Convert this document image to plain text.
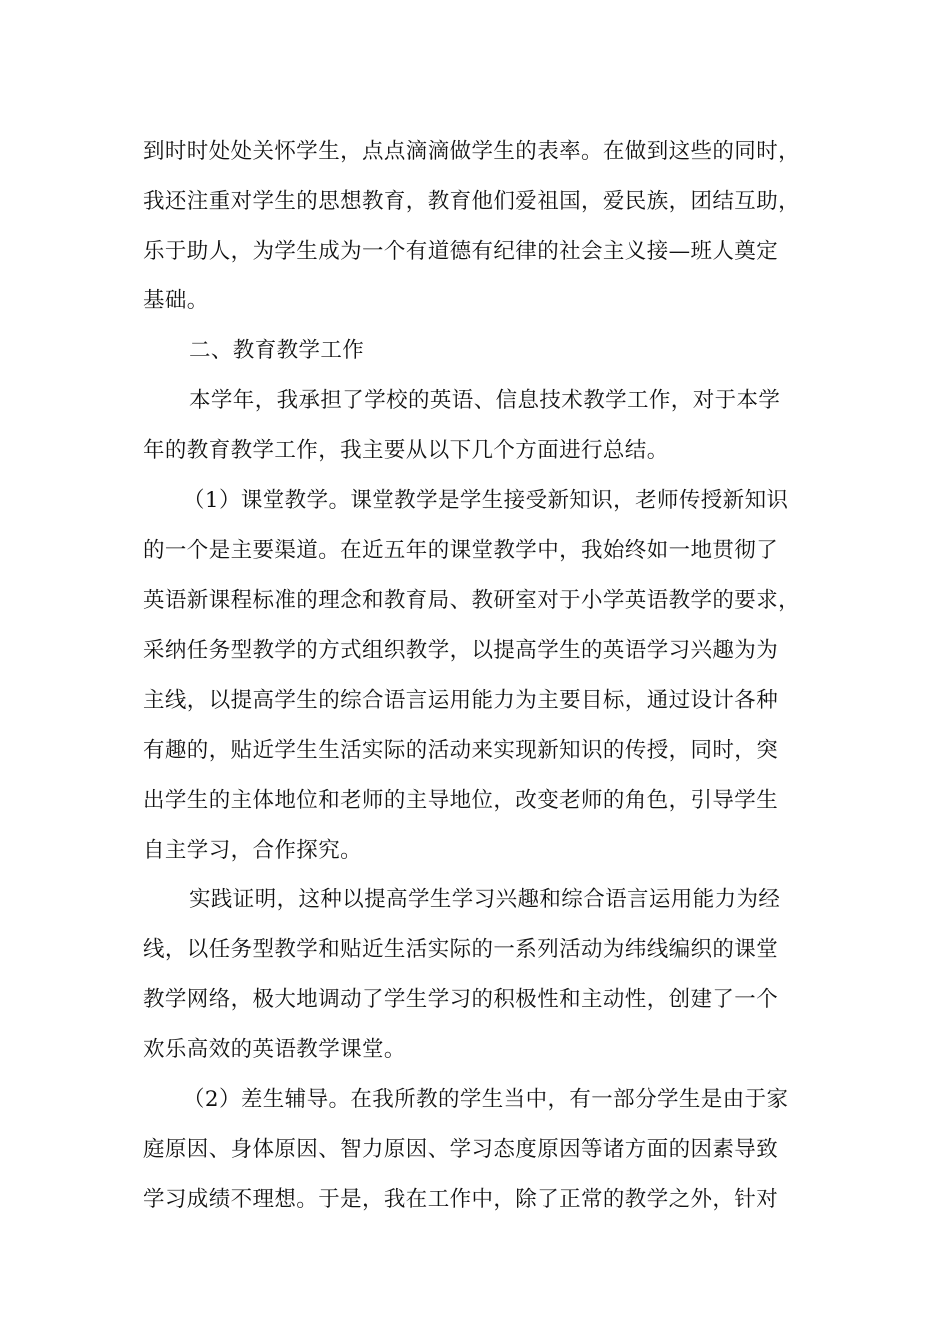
到时时处处关怀学生，点点滴滴做学生的表率。在做到这些的同时，
我还注重对学生的思想教育，教育他们爱祖国，爱民族，团结互助，
乐于助人，为学生成为一个有道德有纪律的社会主义接—班人奠定
基础。
二、教育教学工作
本学年，我承担了学校的英语、信息技术教学工作，对于本学
年的教育教学工作，我主要从以下几个方面进行总结。
（1）课堂教学。课堂教学是学生接受新知识，老师传授新知识
的一个是主要渠道。在近五年的课堂教学中，我始终如一地贯彻了
英语新课程标准的理念和教育局、教研室对于小学英语教学的要求，
采纳任务型教学的方式组织教学，以提高学生的英语学习兴趣为为
主线，以提高学生的综合语言运用能力为主要目标，通过设计各种
有趣的，贴近学生生活实际的活动来实现新知识的传授，同时，突
出学生的主体地位和老师的主导地位，改变老师的角色，引导学生
自主学习，合作探究。
实践证明，这种以提高学生学习兴趣和综合语言运用能力为经
线，以任务型教学和贴近生活实际的一系列活动为纬线编织的课堂
教学网络，极大地调动了学生学习的积极性和主动性，创建了一个
欢乐高效的英语教学课堂。
（2）差生辅导。在我所教的学生当中，有一部分学生是由于家
庭原因、身体原因、智力原因、学习态度原因等诸方面的因素导致
学习成绩不理想。于是，我在工作中，除了正常的教学之外，针对
